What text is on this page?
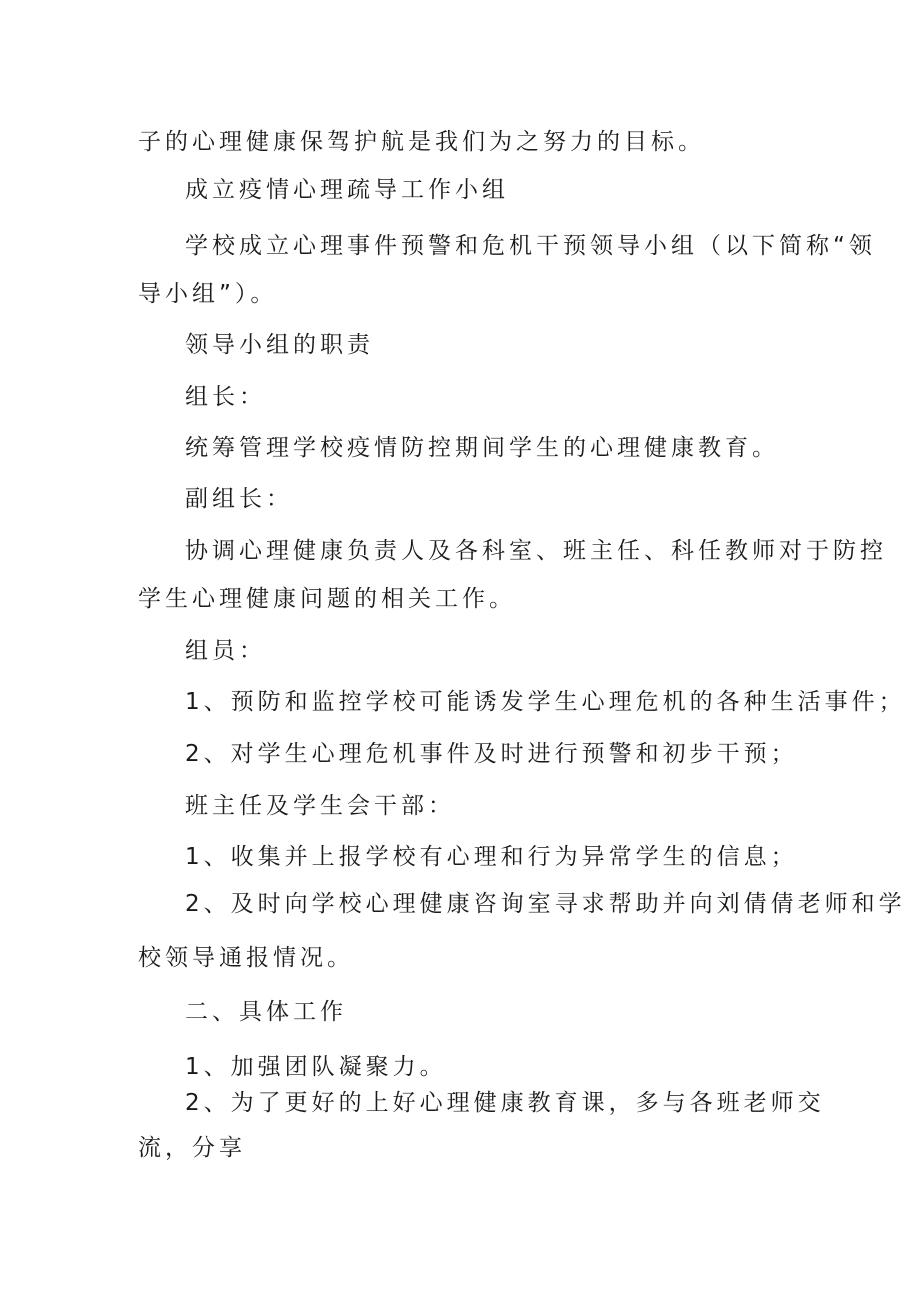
子的心理健康保驾护航是我们为之努力的目标。
成立疫情心理疏导工作小组
学校成立心理事件预警和危机干预领导小组（以下简称“领
导小组”）。
领导小组的职责
组长：
统筹管理学校疫情防控期间学生的心理健康教育。
副组长：
协调心理健康负责人及各科室、班主任、科任教师对于防控
学生心理健康问题的相关工作。
组员：
1、预防和监控学校可能诱发学生心理危机的各种生活事件；
2、对学生心理危机事件及时进行预警和初步干预；
班主任及学生会干部：
1、收集并上报学校有心理和行为异常学生的信息；
2、及时向学校心理健康咨询室寻求帮助并向刘倩倩老师和学
校领导通报情况。
二、具体工作
1、加强团队凝聚力。
2、为了更好的上好心理健康教育课，多与各班老师交
流，分享
